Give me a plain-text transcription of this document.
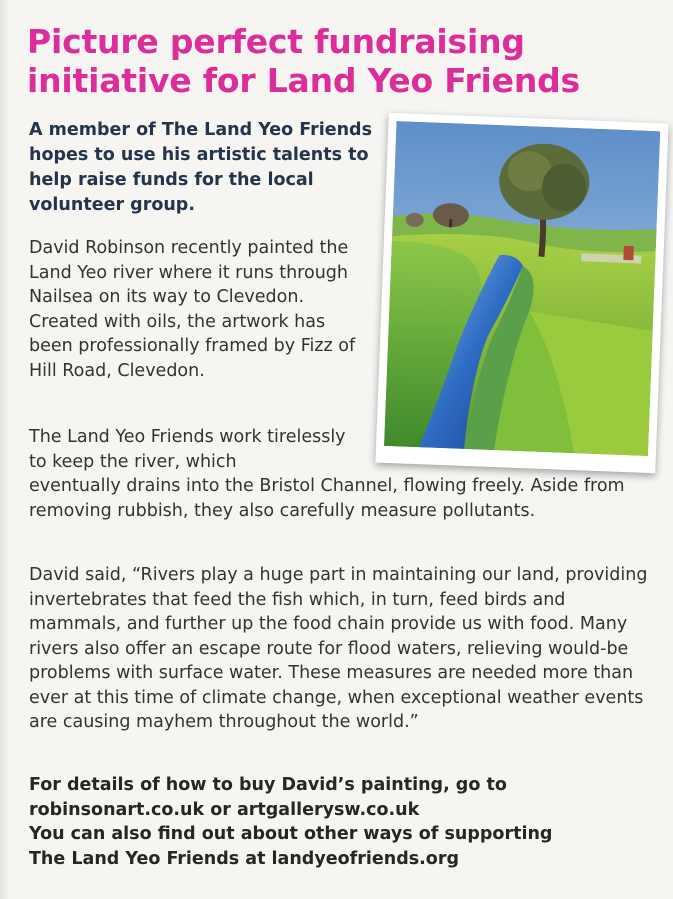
Picture perfect fundraising initiative for Land Yeo Friends

A member of The Land Yeo Friends hopes to use his artistic talents to help raise funds for the local volunteer group.

David Robinson recently painted the Land Yeo river where it runs through Nailsea on its way to Clevedon. Created with oils, the artwork has been professionally framed by Fizz of Hill Road, Clevedon.

The Land Yeo Friends work tirelessly to keep the river, which

eventually drains into the Bristol Channel, flowing freely. Aside from removing rubbish, they also carefully measure pollutants.

David said, “Rivers play a huge part in maintaining our land, providing invertebrates that feed the fish which, in turn, feed birds and mammals, and further up the food chain provide us with food. Many rivers also offer an escape route for flood waters, relieving would-be problems with surface water. These measures are needed more than ever at this time of climate change, when exceptional weather events are causing mayhem throughout the world.”

For details of how to buy David’s painting, go to
robinsonart.co.uk or artgallerysw.co.uk
You can also find out about other ways of supporting
The Land Yeo Friends at landyeofriends.org
